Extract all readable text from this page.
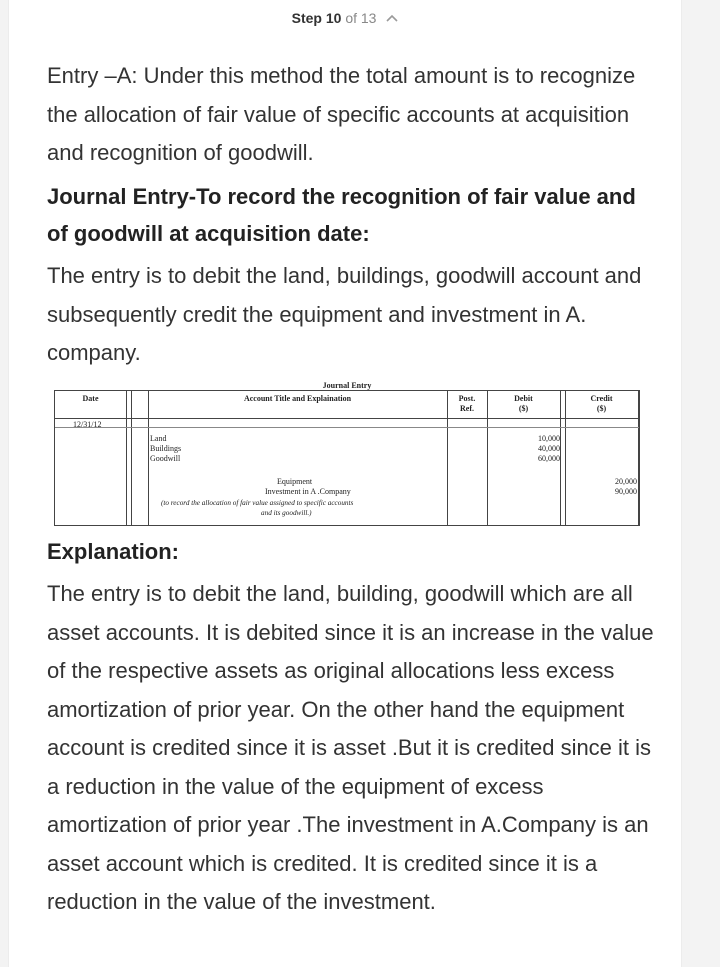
Step 10 of 13

Entry –A: Under this method the total amount is to recognize the allocation of fair value of specific accounts at acquisition and recognition of goodwill.

Journal Entry-To record the recognition of fair value and of goodwill at acquisition date:

The entry is to debit the land, buildings, goodwill account and subsequently credit the equipment and investment in A. company.

Journal Entry
Date	Account Title and Explaination	Post.
Ref.
Debit
($)
Credit
($)
12/31/12
Land
Buildings
Goodwill
10,000
40,000
60,000
Equipment
Investment in A .Company
20,000
90,000
(to record the allocation of fair value assigned to specific accounts
and its goodwill.)

Explanation:

The entry is to debit the land, building, goodwill which are all asset accounts. It is debited since it is an increase in the value of the respective assets as original allocations less excess amortization of prior year. On the other hand the equipment account is credited since it is asset .But it is credited since it is a reduction in the value of the equipment of excess amortization of prior year .The investment in A.Company is an asset account which is credited. It is credited since it is a reduction in the value of the investment.
